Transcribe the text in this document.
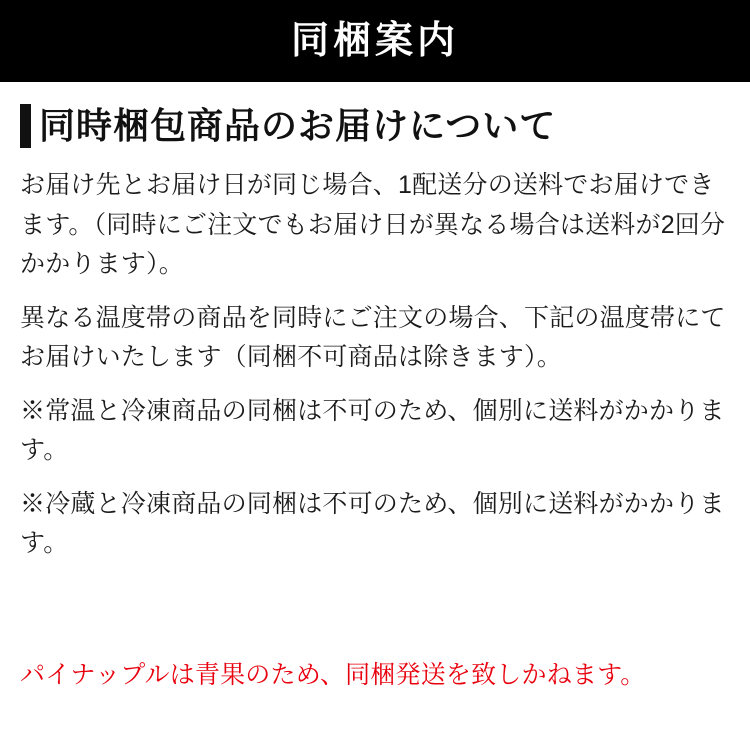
同梱案内
同時梱包商品のお届けについて

お届け先とお届け日が同じ場合、1配送分の送料でお届けできます。（同時にご注文でもお届け日が異なる場合は送料が2回分かかります）。

異なる温度帯の商品を同時にご注文の場合、下記の温度帯にてお届けいたします（同梱不可商品は除きます）。

※常温と冷凍商品の同梱は不可のため、個別に送料がかかります。

※冷蔵と冷凍商品の同梱は不可のため、個別に送料がかかります。

パイナップルは青果のため、同梱発送を致しかねます。
